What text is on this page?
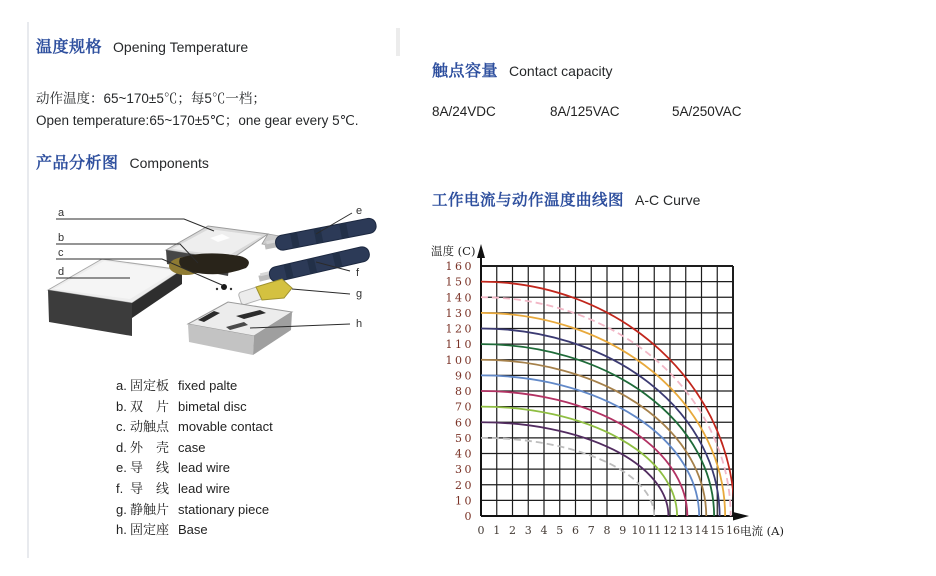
温度规格 Opening Temperature
动作温度：65~170±5℃；每5℃一档；
Open temperature:65~170±5℃；one gear every 5℃.
产品分析图 Components
a
b
c
d
e
f
g
h
a. 固定板 fixed palte
b. 双　片 bimetal disc
c. 动触点 movable contact
d. 外　壳 case
e. 导　线 lead wire
f. 导　线 lead wire
g. 静触片 stationary piece
h. 固定座 Base
触点容量 Contact capacity
8A/24VDC	8A/125VAC	5A/250VAC
工作电流与动作温度曲线图 A-C Curve
0
10
20
30
40
50
60
70
80
90
100
110
120
130
140
150
160
0 1 2 3 4 5 6 7 8 9 10 11 12 13 14 15 16
温度 (C)
电流 (A)
